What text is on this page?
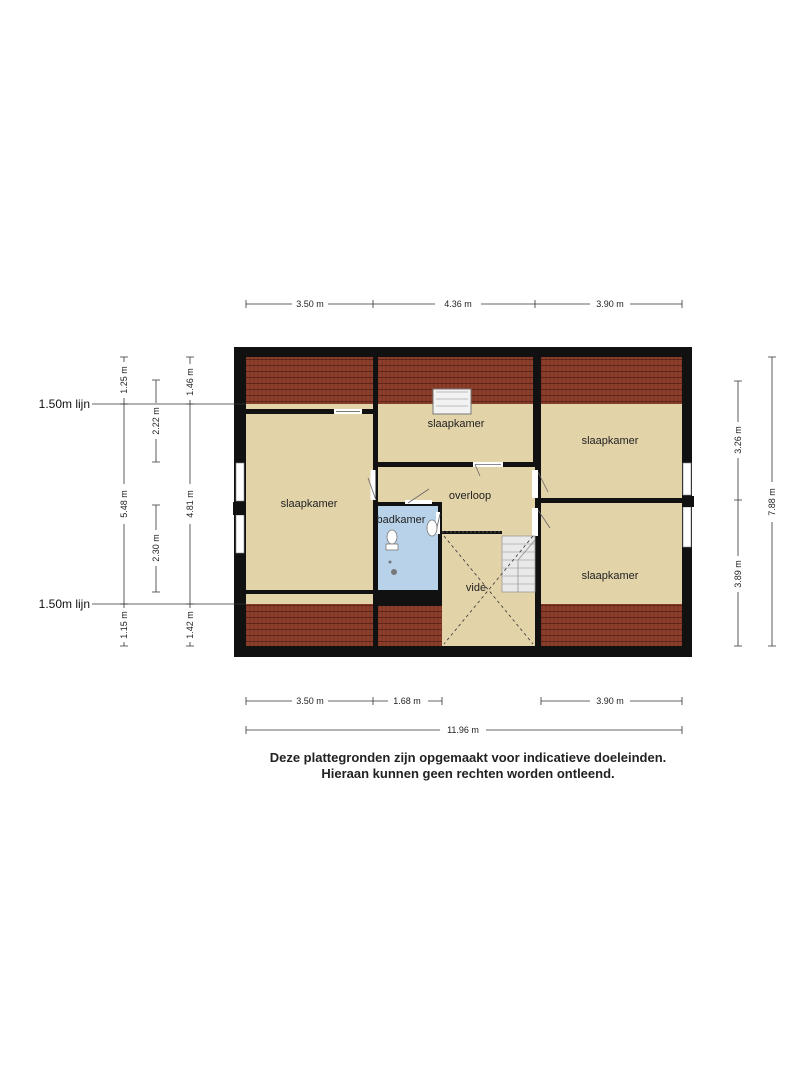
slaapkamer
slaapkamer
slaapkamer
slaapkamer
overloop
badkamer
vide
3.50 m	4.36 m	3.90 m
3.50 m	1.68 m	3.90 m
11.96 m
1.25 m
5.48 m
1.15 m
2.22 m
2.30 m
1.46 m
4.81 m
1.42 m
1.50m lijn
1.50m lijn
3.26 m
3.89 m
7.88 m
Deze plattegronden zijn opgemaakt voor indicatieve doeleinden.
Hieraan kunnen geen rechten worden ontleend.
